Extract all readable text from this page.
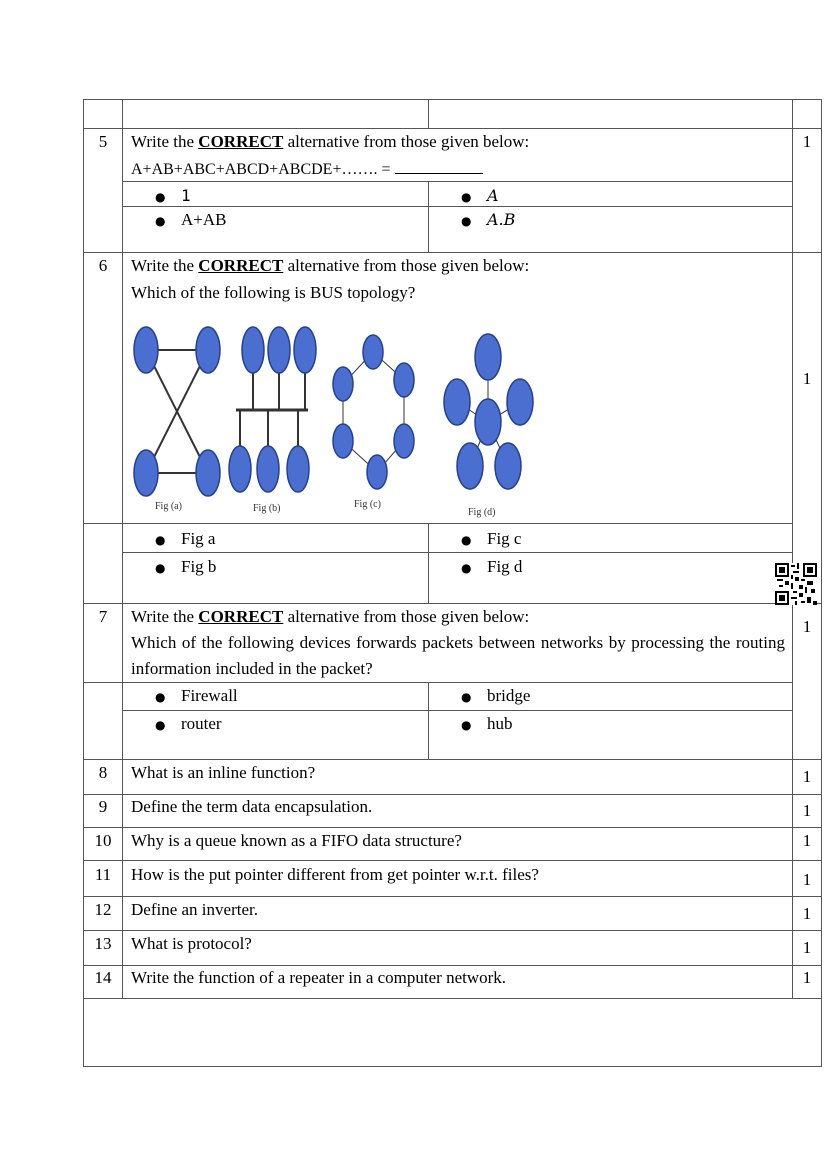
5	Write the CORRECT alternative from those given below:
A+AB+ABC+ABCD+ABCDE+……. =
1
● 1	● A
● A+AB	● A.B
6	Write the CORRECT alternative from those given below:
Which of the following is BUS topology?
1
Fig (a)	Fig (b)	Fig (c)
Fig (d)
● Fig a	● Fig c
● Fig b	● Fig d
7	Write the CORRECT alternative from those given below:
Which of the following devices forwards packets between networks by processing the routing information included in the packet?
1
● Firewall	● bridge
● router	● hub
8	What is an inline function?	1
9	Define the term data encapsulation.	1
10	Why is a queue known as a FIFO data structure?	1
11	How is the put pointer different from get pointer w.r.t. files?	1
12	Define an inverter.	1
13	What is protocol?	1
14	Write the function of a repeater in a computer network.	1
